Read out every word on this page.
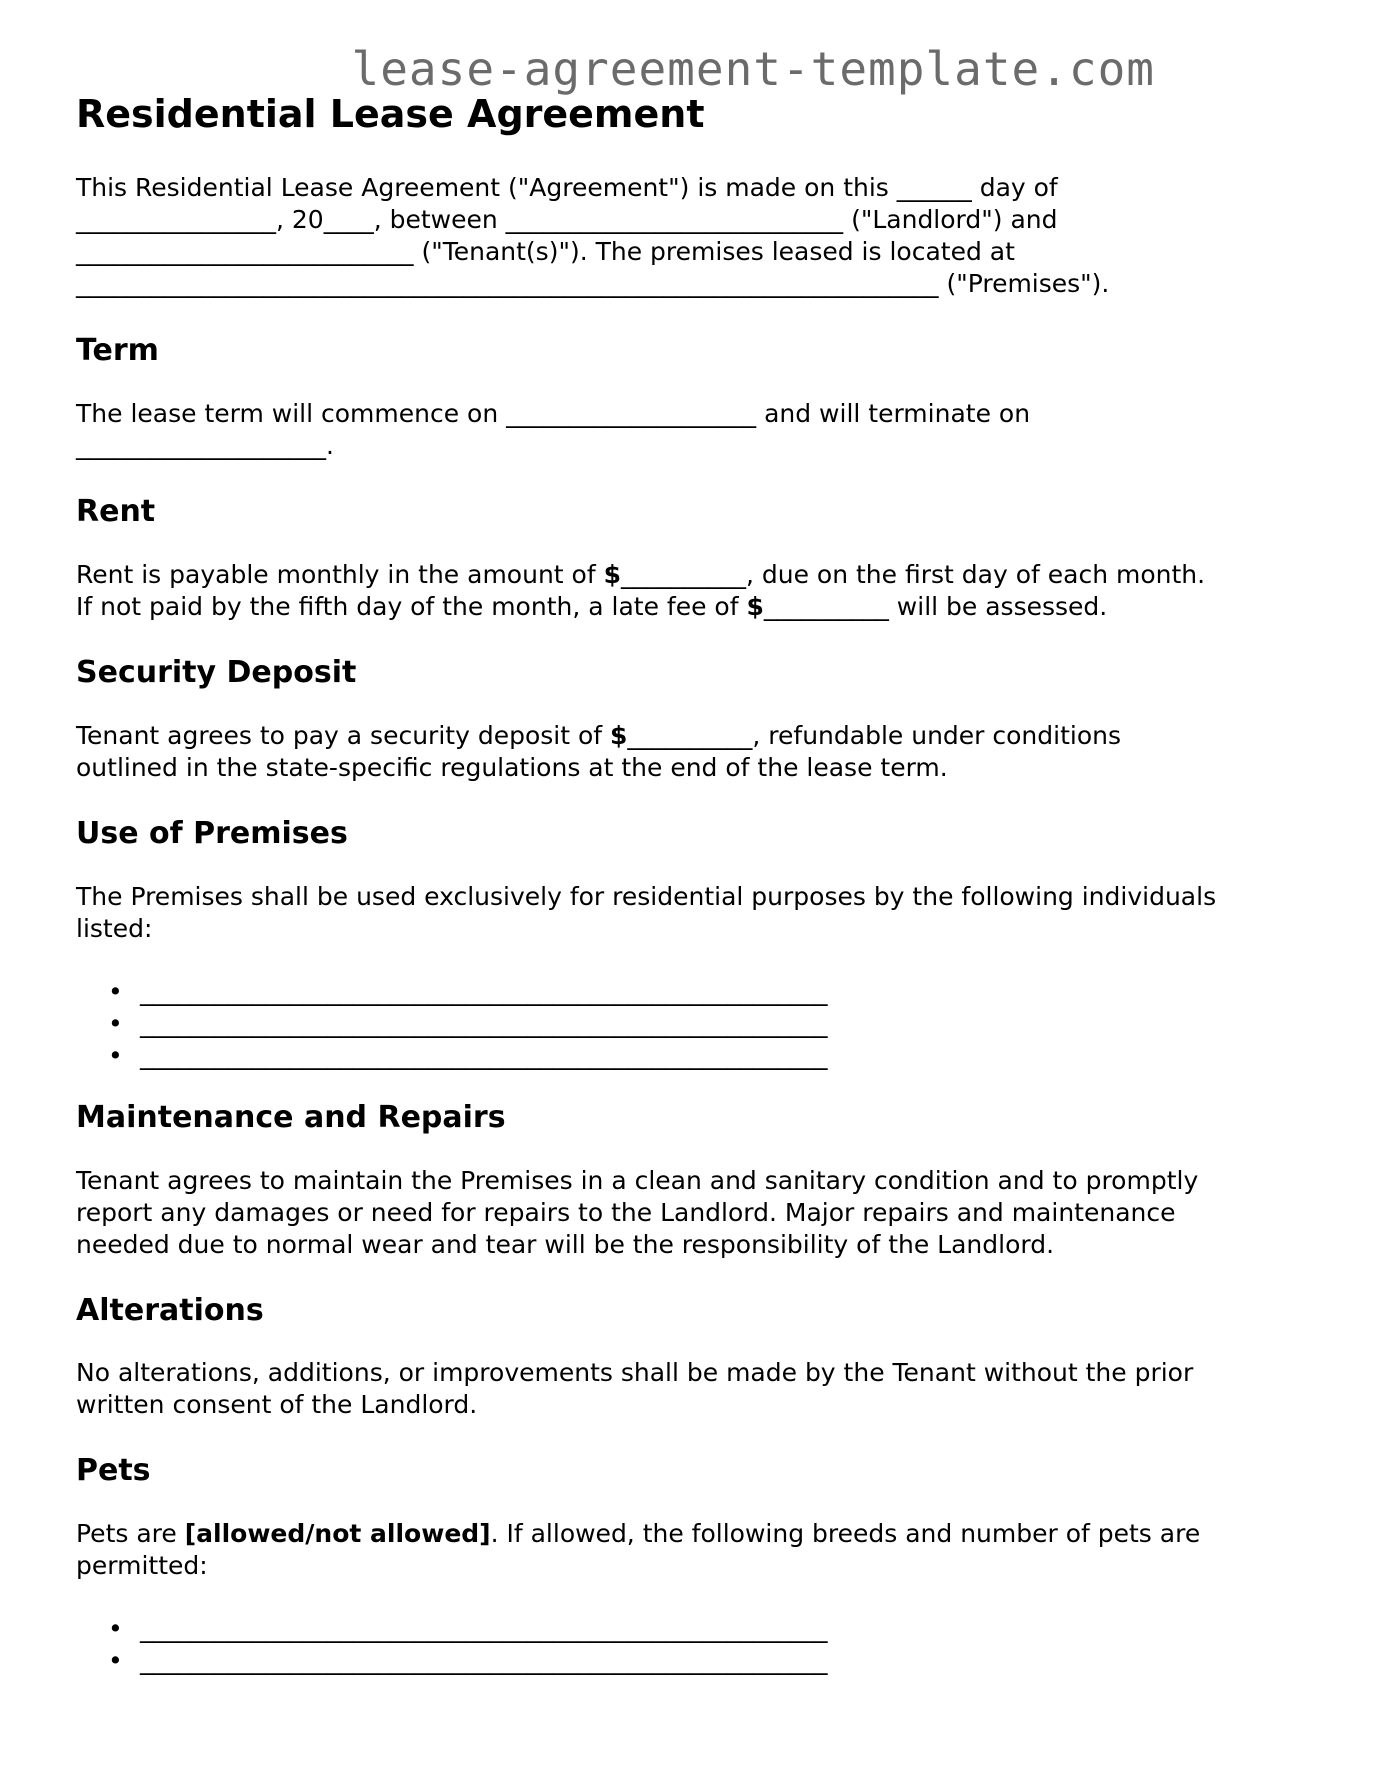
lease-agreement-template.com
Residential Lease Agreement

This Residential Lease Agreement ("Agreement") is made on this ______ day of
________________, 20____, between ___________________________ ("Landlord") and
___________________________ ("Tenant(s)"). The premises leased is located at
_____________________________________________________________________ ("Premises").

Term

The lease term will commence on ____________________ and will terminate on
____________________.

Rent

Rent is payable monthly in the amount of $__________, due on the first day of each month.
If not paid by the fifth day of the month, a late fee of $__________ will be assessed.

Security Deposit

Tenant agrees to pay a security deposit of $__________, refundable under conditions
outlined in the state-specific regulations at the end of the lease term.

Use of Premises

The Premises shall be used exclusively for residential purposes by the following individuals
listed:

_______________________________________________________
_______________________________________________________
_______________________________________________________
Maintenance and Repairs

Tenant agrees to maintain the Premises in a clean and sanitary condition and to promptly
report any damages or need for repairs to the Landlord. Major repairs and maintenance
needed due to normal wear and tear will be the responsibility of the Landlord.

Alterations

No alterations, additions, or improvements shall be made by the Tenant without the prior
written consent of the Landlord.

Pets

Pets are [allowed/not allowed]. If allowed, the following breeds and number of pets are
permitted:

_______________________________________________________
_______________________________________________________
